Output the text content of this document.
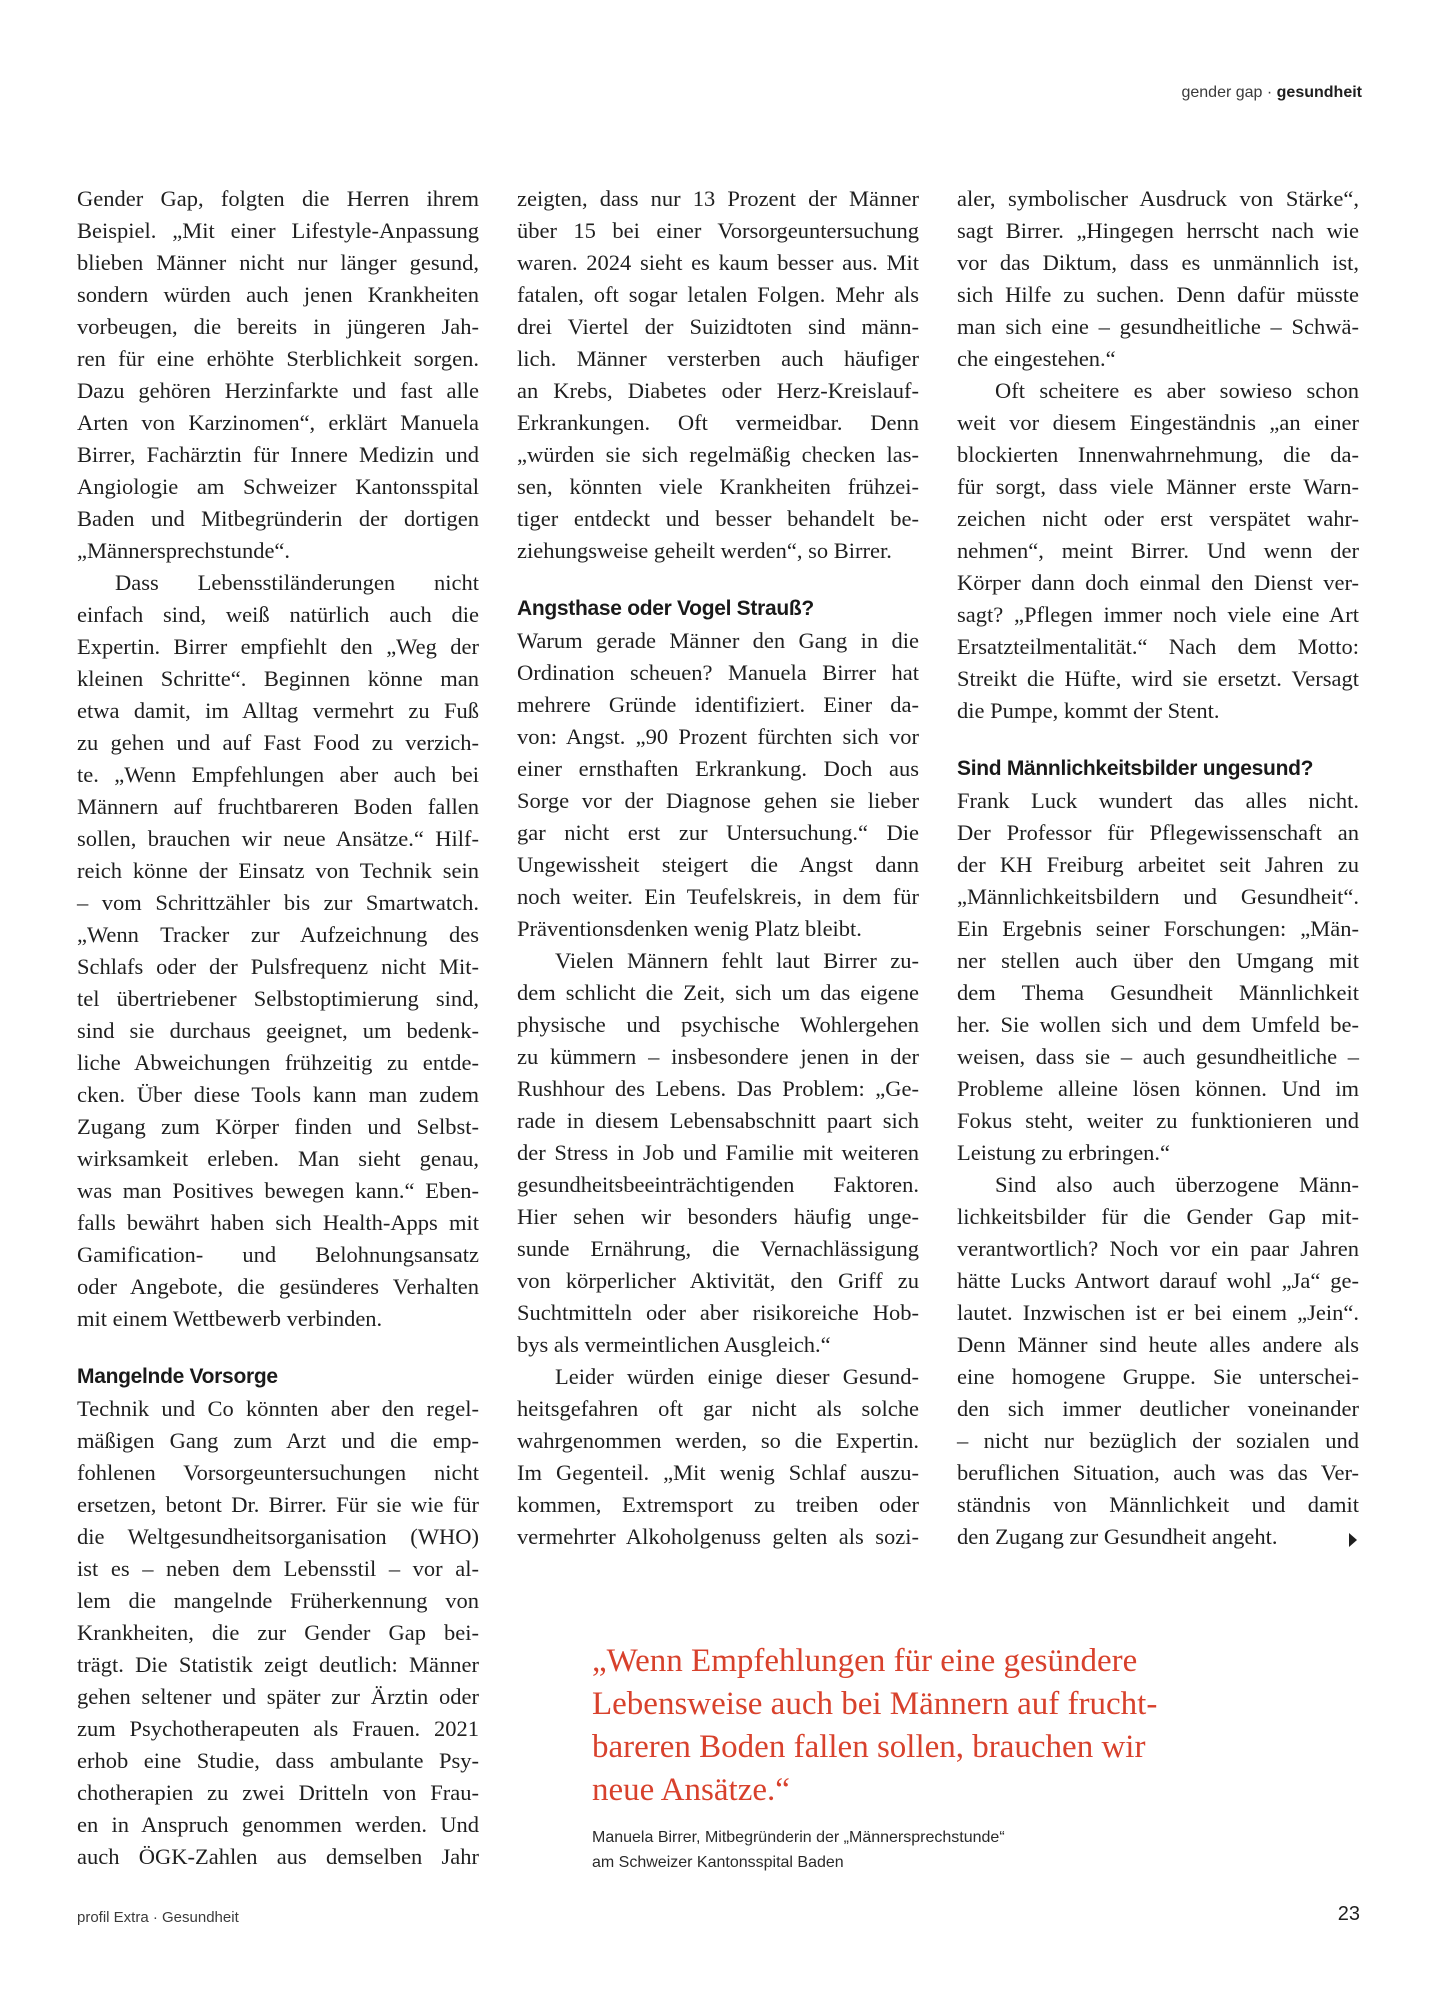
gender gap · gesundheit
Gender Gap, folgten die Herren ihrem
Beispiel. „Mit einer Lifestyle-Anpassung
blieben Männer nicht nur länger gesund,
sondern würden auch jenen Krankheiten
vorbeugen, die bereits in jüngeren Jah-
ren für eine erhöhte Sterblichkeit sorgen.
Dazu gehören Herzinfarkte und fast alle
Arten von Karzinomen“, erklärt Manuela
Birrer, Fachärztin für Innere Medizin und
Angiologie am Schweizer Kantonsspital
Baden und Mitbegründerin der dortigen
„Männersprechstunde“.
Dass Lebensstiländerungen nicht
einfach sind, weiß natürlich auch die
Expertin. Birrer empfiehlt den „Weg der
kleinen Schritte“. Beginnen könne man
etwa damit, im Alltag vermehrt zu Fuß
zu gehen und auf Fast Food zu verzich-
te. „Wenn Empfehlungen aber auch bei
Männern auf fruchtbareren Boden fallen
sollen, brauchen wir neue Ansätze.“ Hilf-
reich könne der Einsatz von Technik sein
– vom Schrittzähler bis zur Smartwatch.
„Wenn Tracker zur Aufzeichnung des
Schlafs oder der Pulsfrequenz nicht Mit-
tel übertriebener Selbstoptimierung sind,
sind sie durchaus geeignet, um bedenk-
liche Abweichungen frühzeitig zu entde-
cken. Über diese Tools kann man zudem
Zugang zum Körper finden und Selbst-
wirksamkeit erleben. Man sieht genau,
was man Positives bewegen kann.“ Eben-
falls bewährt haben sich Health-Apps mit
Gamification- und Belohnungsansatz
oder Angebote, die gesünderes Verhalten
mit einem Wettbewerb verbinden.
Mangelnde Vorsorge
Technik und Co könnten aber den regel-
mäßigen Gang zum Arzt und die emp-
fohlenen Vorsorgeuntersuchungen nicht
ersetzen, betont Dr. Birrer. Für sie wie für
die Weltgesundheitsorganisation (WHO)
ist es – neben dem Lebensstil – vor al-
lem die mangelnde Früherkennung von
Krankheiten, die zur Gender Gap bei-
trägt. Die Statistik zeigt deutlich: Männer
gehen seltener und später zur Ärztin oder
zum Psychotherapeuten als Frauen. 2021
erhob eine Studie, dass ambulante Psy-
chotherapien zu zwei Dritteln von Frau-
en in Anspruch genommen werden. Und
auch ÖGK-Zahlen aus demselben Jahr
zeigten, dass nur 13 Prozent der Männer
über 15 bei einer Vorsorgeuntersuchung
waren. 2024 sieht es kaum besser aus. Mit
fatalen, oft sogar letalen Folgen. Mehr als
drei Viertel der Suizidtoten sind männ-
lich. Männer versterben auch häufiger
an Krebs, Diabetes oder Herz-Kreislauf-
Erkrankungen. Oft vermeidbar. Denn
„würden sie sich regelmäßig checken las-
sen, könnten viele Krankheiten frühzei-
tiger entdeckt und besser behandelt be-
ziehungsweise geheilt werden“, so Birrer.
Angsthase oder Vogel Strauß?
Warum gerade Männer den Gang in die
Ordination scheuen? Manuela Birrer hat
mehrere Gründe identifiziert. Einer da-
von: Angst. „90 Prozent fürchten sich vor
einer ernsthaften Erkrankung. Doch aus
Sorge vor der Diagnose gehen sie lieber
gar nicht erst zur Untersuchung.“ Die
Ungewissheit steigert die Angst dann
noch weiter. Ein Teufelskreis, in dem für
Präventionsdenken wenig Platz bleibt.
Vielen Männern fehlt laut Birrer zu-
dem schlicht die Zeit, sich um das eigene
physische und psychische Wohlergehen
zu kümmern – insbesondere jenen in der
Rushhour des Lebens. Das Problem: „Ge-
rade in diesem Lebensabschnitt paart sich
der Stress in Job und Familie mit weiteren
gesundheitsbeeinträchtigenden Faktoren.
Hier sehen wir besonders häufig unge-
sunde Ernährung, die Vernachlässigung
von körperlicher Aktivität, den Griff zu
Suchtmitteln oder aber risikoreiche Hob-
bys als vermeintlichen Ausgleich.“
Leider würden einige dieser Gesund-
heitsgefahren oft gar nicht als solche
wahrgenommen werden, so die Expertin.
Im Gegenteil. „Mit wenig Schlaf auszu-
kommen, Extremsport zu treiben oder
vermehrter Alkoholgenuss gelten als sozi-
aler, symbolischer Ausdruck von Stärke“,
sagt Birrer. „Hingegen herrscht nach wie
vor das Diktum, dass es unmännlich ist,
sich Hilfe zu suchen. Denn dafür müsste
man sich eine – gesundheitliche – Schwä-
che eingestehen.“
Oft scheitere es aber sowieso schon
weit vor diesem Eingeständnis „an einer
blockierten Innenwahrnehmung, die da-
für sorgt, dass viele Männer erste Warn-
zeichen nicht oder erst verspätet wahr-
nehmen“, meint Birrer. Und wenn der
Körper dann doch einmal den Dienst ver-
sagt? „Pflegen immer noch viele eine Art
Ersatzteilmentalität.“ Nach dem Motto:
Streikt die Hüfte, wird sie ersetzt. Versagt
die Pumpe, kommt der Stent.
Sind Männlichkeitsbilder ungesund?
Frank Luck wundert das alles nicht.
Der Professor für Pflegewissenschaft an
der KH Freiburg arbeitet seit Jahren zu
„Männlichkeitsbildern und Gesundheit“.
Ein Ergebnis seiner Forschungen: „Män-
ner stellen auch über den Umgang mit
dem Thema Gesundheit Männlichkeit
her. Sie wollen sich und dem Umfeld be-
weisen, dass sie – auch gesundheitliche –
Probleme alleine lösen können. Und im
Fokus steht, weiter zu funktionieren und
Leistung zu erbringen.“
Sind also auch überzogene Männ-
lichkeitsbilder für die Gender Gap mit-
verantwortlich? Noch vor ein paar Jahren
hätte Lucks Antwort darauf wohl „Ja“ ge-
lautet. Inzwischen ist er bei einem „Jein“.
Denn Männer sind heute alles andere als
eine homogene Gruppe. Sie unterschei-
den sich immer deutlicher voneinander
– nicht nur bezüglich der sozialen und
beruflichen Situation, auch was das Ver-
ständnis von Männlichkeit und damit
den Zugang zur Gesundheit angeht.
„Wenn Empfehlungen für eine gesündere
Lebensweise auch bei Männern auf frucht-
bareren Boden fallen sollen, brauchen wir
neue Ansätze.“
Manuela Birrer, Mitbegründerin der „Männersprechstunde“
am Schweizer Kantonsspital Baden
profil Extra · Gesundheit	23
